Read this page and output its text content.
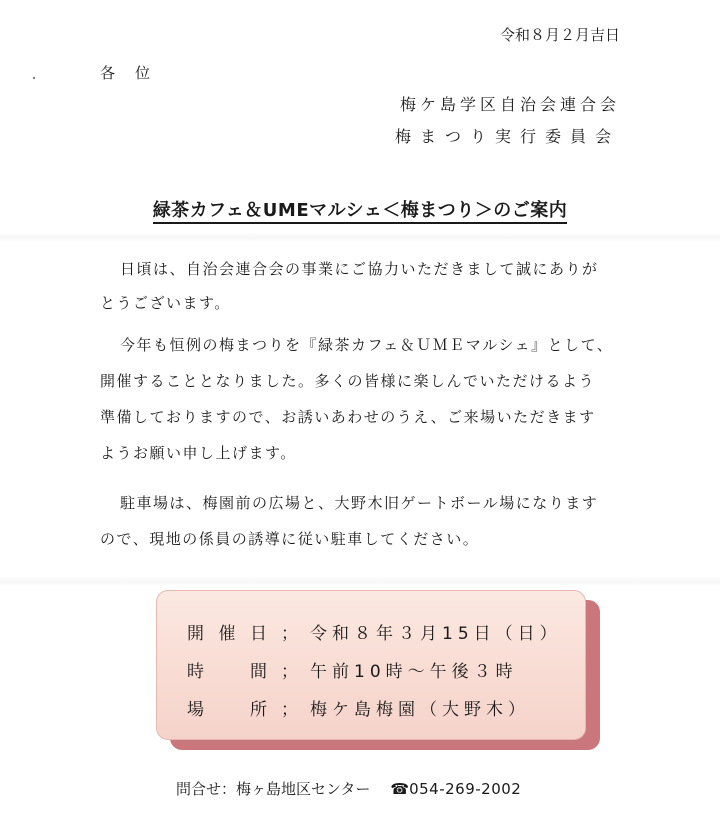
令和８月２月吉日
各位
梅ケ島学区自治会連合会
梅まつり実行委員会
緑茶カフェ＆UMEマルシェ＜梅まつり＞のご案内
日頃は、自治会連合会の事業にご協力いただきまして誠にありが
とうございます。
今年も恒例の梅まつりを『緑茶カフェ＆ＵＭＥマルシェ』として、
開催することとなりました。多くの皆様に楽しんでいただけるよう
準備しておりますので、お誘いあわせのうえ、ご来場いただきます
ようお願い申し上げます。
駐車場は、梅園前の広場と、大野木旧ゲートボール場になります
ので、現地の係員の誘導に従い駐車してください。
開催日 ； 令和８年３月15日（日）
時間 ； 午前10時～午後３時
場所 ； 梅ケ島梅園（大野木）
問合せ：梅ヶ島地区センター ☎054-269-2002
